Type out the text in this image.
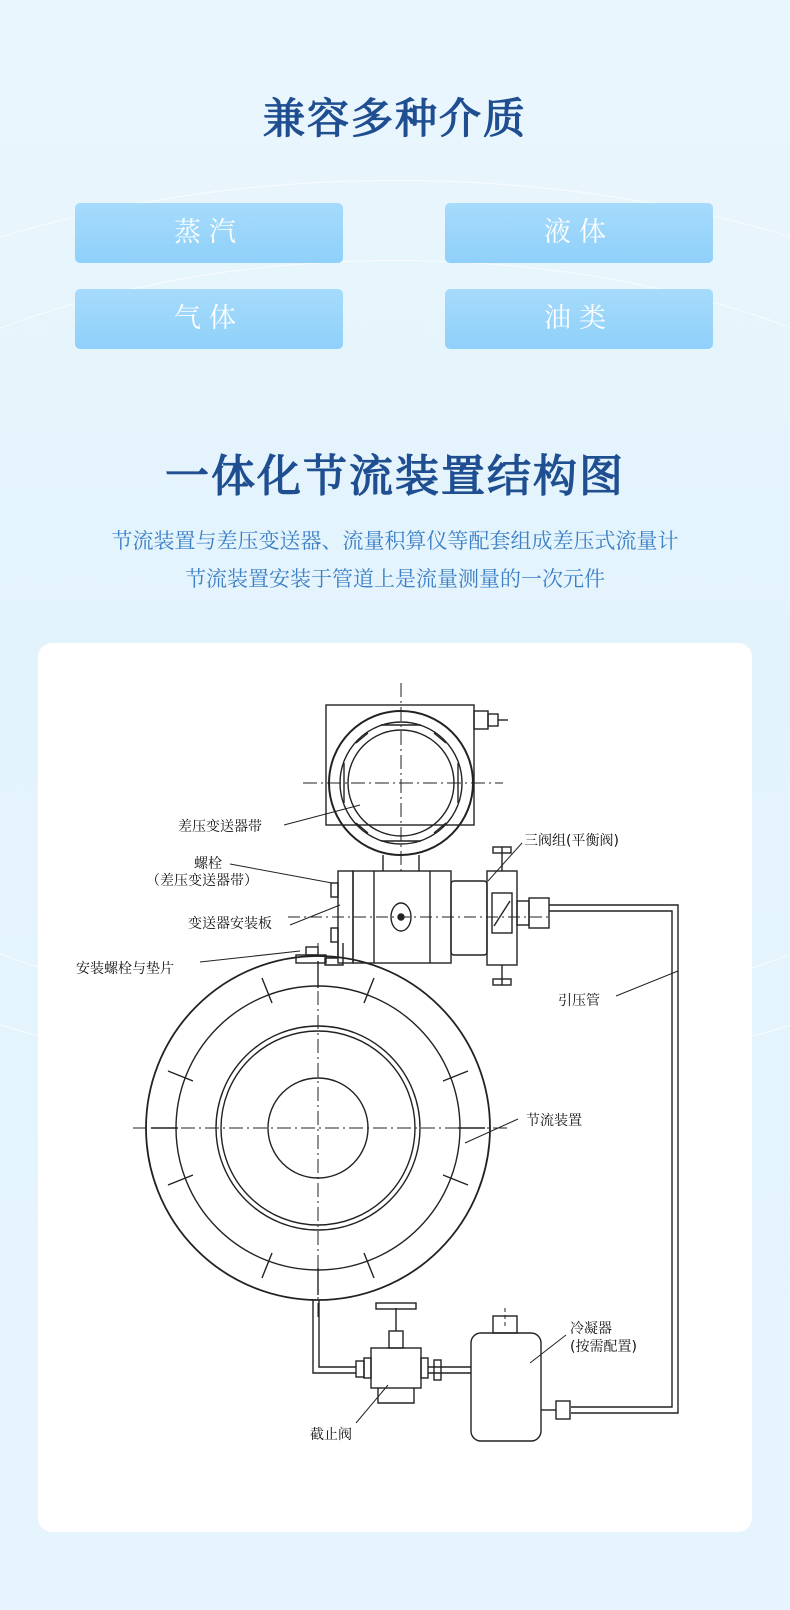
兼容多种介质
蒸汽	液体
气体	油类
一体化节流装置结构图
节流装置与差压变送器、流量积算仪等配套组成差压式流量计
节流装置安装于管道上是流量测量的一次元件
差压变送器带
螺栓
（差压变送器带）
变送器安装板
安装螺栓与垫片
三阀组(平衡阀)
引压管
节流装置
冷凝器
(按需配置)
截止阀
